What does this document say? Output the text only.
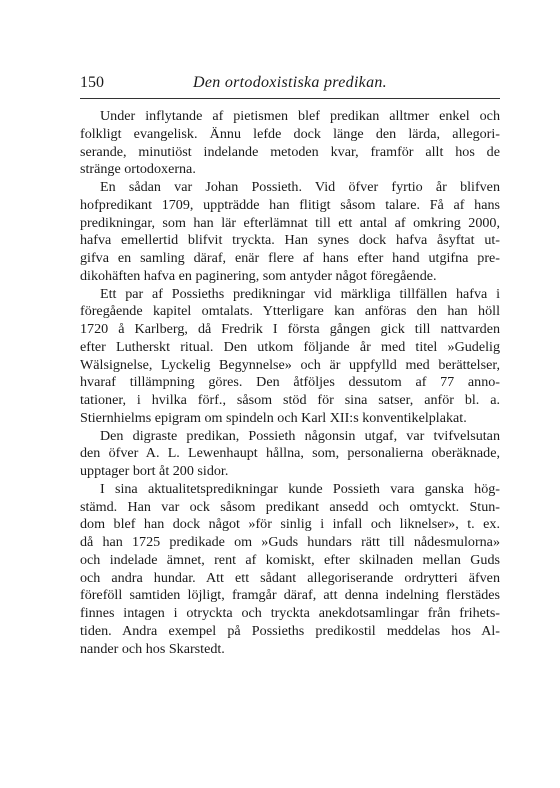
150	Den ortodoxistiska predikan.
Under inflytande af pietismen blef predikan alltmer enkel och
folkligt evangelisk. Ännu lefde dock länge den lärda, allegori-
serande, minutiöst indelande metoden kvar, framför allt hos de
stränge ortodoxerna.
En sådan var Johan Possieth. Vid öfver fyrtio år blifven
hofpredikant 1709, uppträdde han flitigt såsom talare. Få af hans
predikningar, som han lär efterlämnat till ett antal af omkring 2000,
hafva emellertid blifvit tryckta. Han synes dock hafva åsyftat ut-
gifva en samling däraf, enär flere af hans efter hand utgifna pre-
dikohäften hafva en paginering, som antyder något föregående.
Ett par af Possieths predikningar vid märkliga tillfällen hafva i
föregående kapitel omtalats. Ytterligare kan anföras den han höll
1720 å Karlberg, då Fredrik I första gången gick till nattvarden
efter Lutherskt ritual. Den utkom följande år med titel »Gudelig
Wälsignelse, Lyckelig Begynnelse» och är uppfylld med berättelser,
hvaraf tillämpning göres. Den åtföljes dessutom af 77 anno-
tationer, i hvilka förf., såsom stöd för sina satser, anför bl. a.
Stiernhielms epigram om spindeln och Karl XII:s konventikelplakat.
Den digraste predikan, Possieth någonsin utgaf, var tvifvelsutan
den öfver A. L. Lewenhaupt hållna, som, personalierna oberäknade,
upptager bort åt 200 sidor.
I sina aktualitetspredikningar kunde Possieth vara ganska hög-
stämd. Han var ock såsom predikant ansedd och omtyckt. Stun-
dom blef han dock något »för sinlig i infall och liknelser», t. ex.
då han 1725 predikade om »Guds hundars rätt till nådesmulorna»
och indelade ämnet, rent af komiskt, efter skilnaden mellan Guds
och andra hundar. Att ett sådant allegoriserande ordrytteri äfven
föreföll samtiden löjligt, framgår däraf, att denna indelning flerstädes
finnes intagen i otryckta och tryckta anekdotsamlingar från frihets-
tiden. Andra exempel på Possieths predikostil meddelas hos Al-
nander och hos Skarstedt.
